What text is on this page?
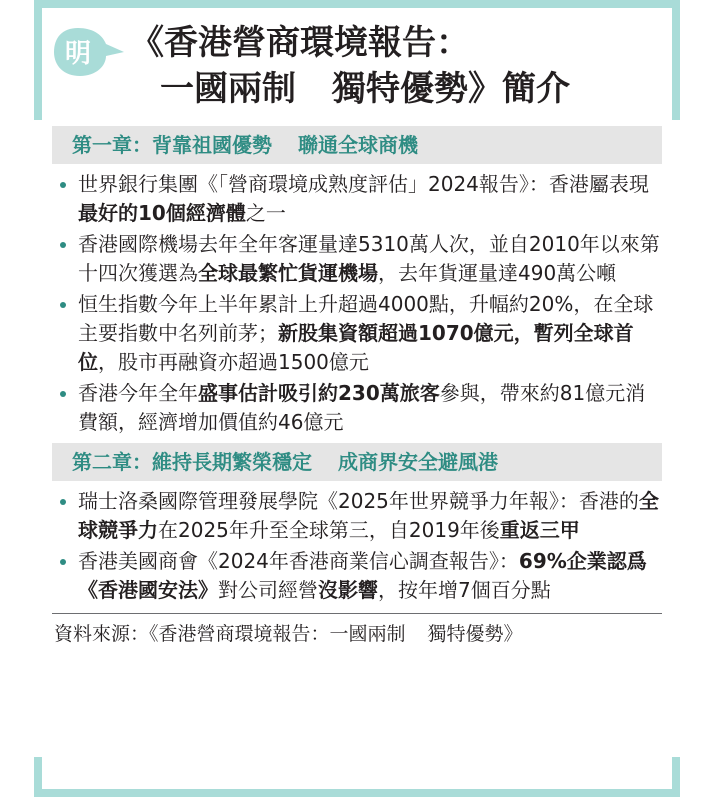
明 《香港營商環境報告：
一國兩制 獨特優勢》簡介
第一章：背靠祖國優勢 聯通全球商機
世界銀行集團《「營商環境成熟度評估」2024報告》：香港屬表現最好的10個經濟體之一
香港國際機場去年全年客運量達5310萬人次，並自2010年以來第十四次獲選為全球最繁忙貨運機場，去年貨運量達490萬公噸
恒生指數今年上半年累計上升超過4000點，升幅約20%，在全球主要指數中名列前茅；新股集資額超過1070億元，暫列全球首位，股市再融資亦超過1500億元
香港今年全年盛事估計吸引約230萬旅客參與，帶來約81億元消費額，經濟增加價值約46億元
第二章：維持長期繁榮穩定 成商界安全避風港
瑞士洛桑國際管理發展學院《2025年世界競爭力年報》：香港的全球競爭力在2025年升至全球第三，自2019年後重返三甲
香港美國商會《2024年香港商業信心調查報告》：69%企業認爲《香港國安法》對公司經營沒影響，按年增7個百分點
資料來源：《香港營商環境報告：一國兩制 獨特優勢》
